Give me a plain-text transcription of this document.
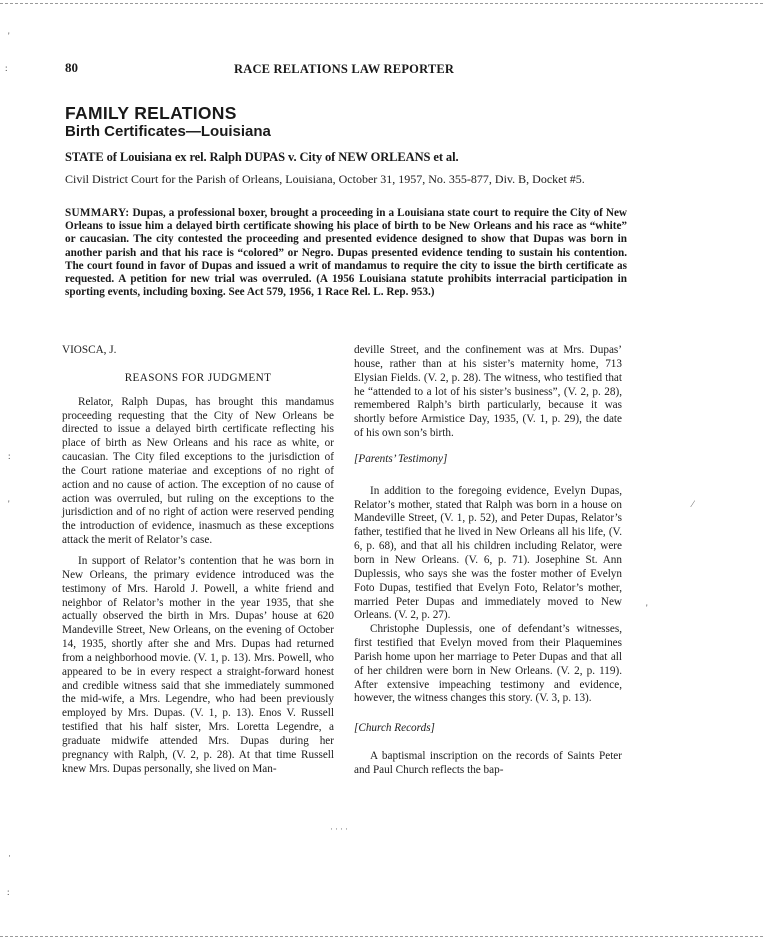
'
:
:
'
·
:
⁄
'
80	RACE RELATIONS LAW REPORTER
FAMILY RELATIONS
Birth Certificates—Louisiana
STATE of Louisiana ex rel. Ralph DUPAS v. City of NEW ORLEANS et al.
Civil District Court for the Parish of Orleans, Louisiana, October 31, 1957, No. 355-877, Div. B, Docket #5.
SUMMARY: Dupas, a professional boxer, brought a proceeding in a Louisiana state court to require the City of New Orleans to issue him a delayed birth certificate showing his place of birth to be New Orleans and his race as “white” or caucasian. The city contested the proceeding and presented evidence designed to show that Dupas was born in another parish and that his race is “colored” or Negro. Dupas presented evidence tending to sustain his contention. The court found in favor of Dupas and issued a writ of mandamus to require the city to issue the birth certificate as requested. A petition for new trial was overruled. (A 1956 Louisiana statute prohibits interracial participation in sporting events, including boxing. See Act 579, 1956, 1 Race Rel. L. Rep. 953.)

VIOSCA, J.

REASONS FOR JUDGMENT

Relator, Ralph Dupas, has brought this mandamus proceeding requesting that the City of New Orleans be directed to issue a delayed birth certificate reflecting his place of birth as New Orleans and his race as white, or caucasian. The City filed exceptions to the jurisdiction of the Court ratione materiae and exceptions of no right of action and no cause of action. The exception of no cause of action was overruled, but ruling on the exceptions to the jurisdiction and of no right of action were reserved pending the introduction of evidence, inasmuch as these exceptions attack the merit of Relator’s case.

In support of Relator’s contention that he was born in New Orleans, the primary evidence introduced was the testimony of Mrs. Harold J. Powell, a white friend and neighbor of Relator’s mother in the year 1935, that she actually observed the birth in Mrs. Dupas’ house at 620 Mandeville Street, New Orleans, on the evening of October 14, 1935, shortly after she and Mrs. Dupas had returned from a neighborhood movie. (V. 1, p. 13). Mrs. Powell, who appeared to be in every respect a straight-forward honest and credible witness said that she immediately summoned the mid-wife, a Mrs. Legendre, who had been previously employed by Mrs. Dupas. (V. 1, p. 13). Enos V. Russell testified that his half sister, Mrs. Loretta Legendre, a graduate midwife attended Mrs. Dupas during her pregnancy with Ralph, (V. 2, p. 28). At that time Russell knew Mrs. Dupas personally, she lived on Man-

deville Street, and the confinement was at Mrs. Dupas’ house, rather than at his sister’s maternity home, 713 Elysian Fields. (V. 2, p. 28). The witness, who testified that he “attended to a lot of his sister’s business”, (V. 2, p. 28), remembered Ralph’s birth particularly, because it was shortly before Armistice Day, 1935, (V. 1, p. 29), the date of his own son’s birth.

[Parents’ Testimony]

In addition to the foregoing evidence, Evelyn Dupas, Relator’s mother, stated that Ralph was born in a house on Mandeville Street, (V. 1, p. 52), and Peter Dupas, Relator’s father, testified that he lived in New Orleans all his life, (V. 6, p. 68), and that all his children including Relator, were born in New Orleans. (V. 6, p. 71). Josephine St. Ann Duplessis, who says she was the foster mother of Evelyn Foto Dupas, testified that Evelyn Foto, Relator’s mother, married Peter Dupas and immediately moved to New Orleans. (V. 2, p. 27).

Christophe Duplessis, one of defendant’s witnesses, first testified that Evelyn moved from their Plaquemines Parish home upon her marriage to Peter Dupas and that all of her children were born in New Orleans. (V. 2, p. 119). After extensive impeaching testimony and evidence, however, the witness changes this story. (V. 3, p. 13).

[Church Records]

A baptismal inscription on the records of Saints Peter and Paul Church reflects the bap-

····
